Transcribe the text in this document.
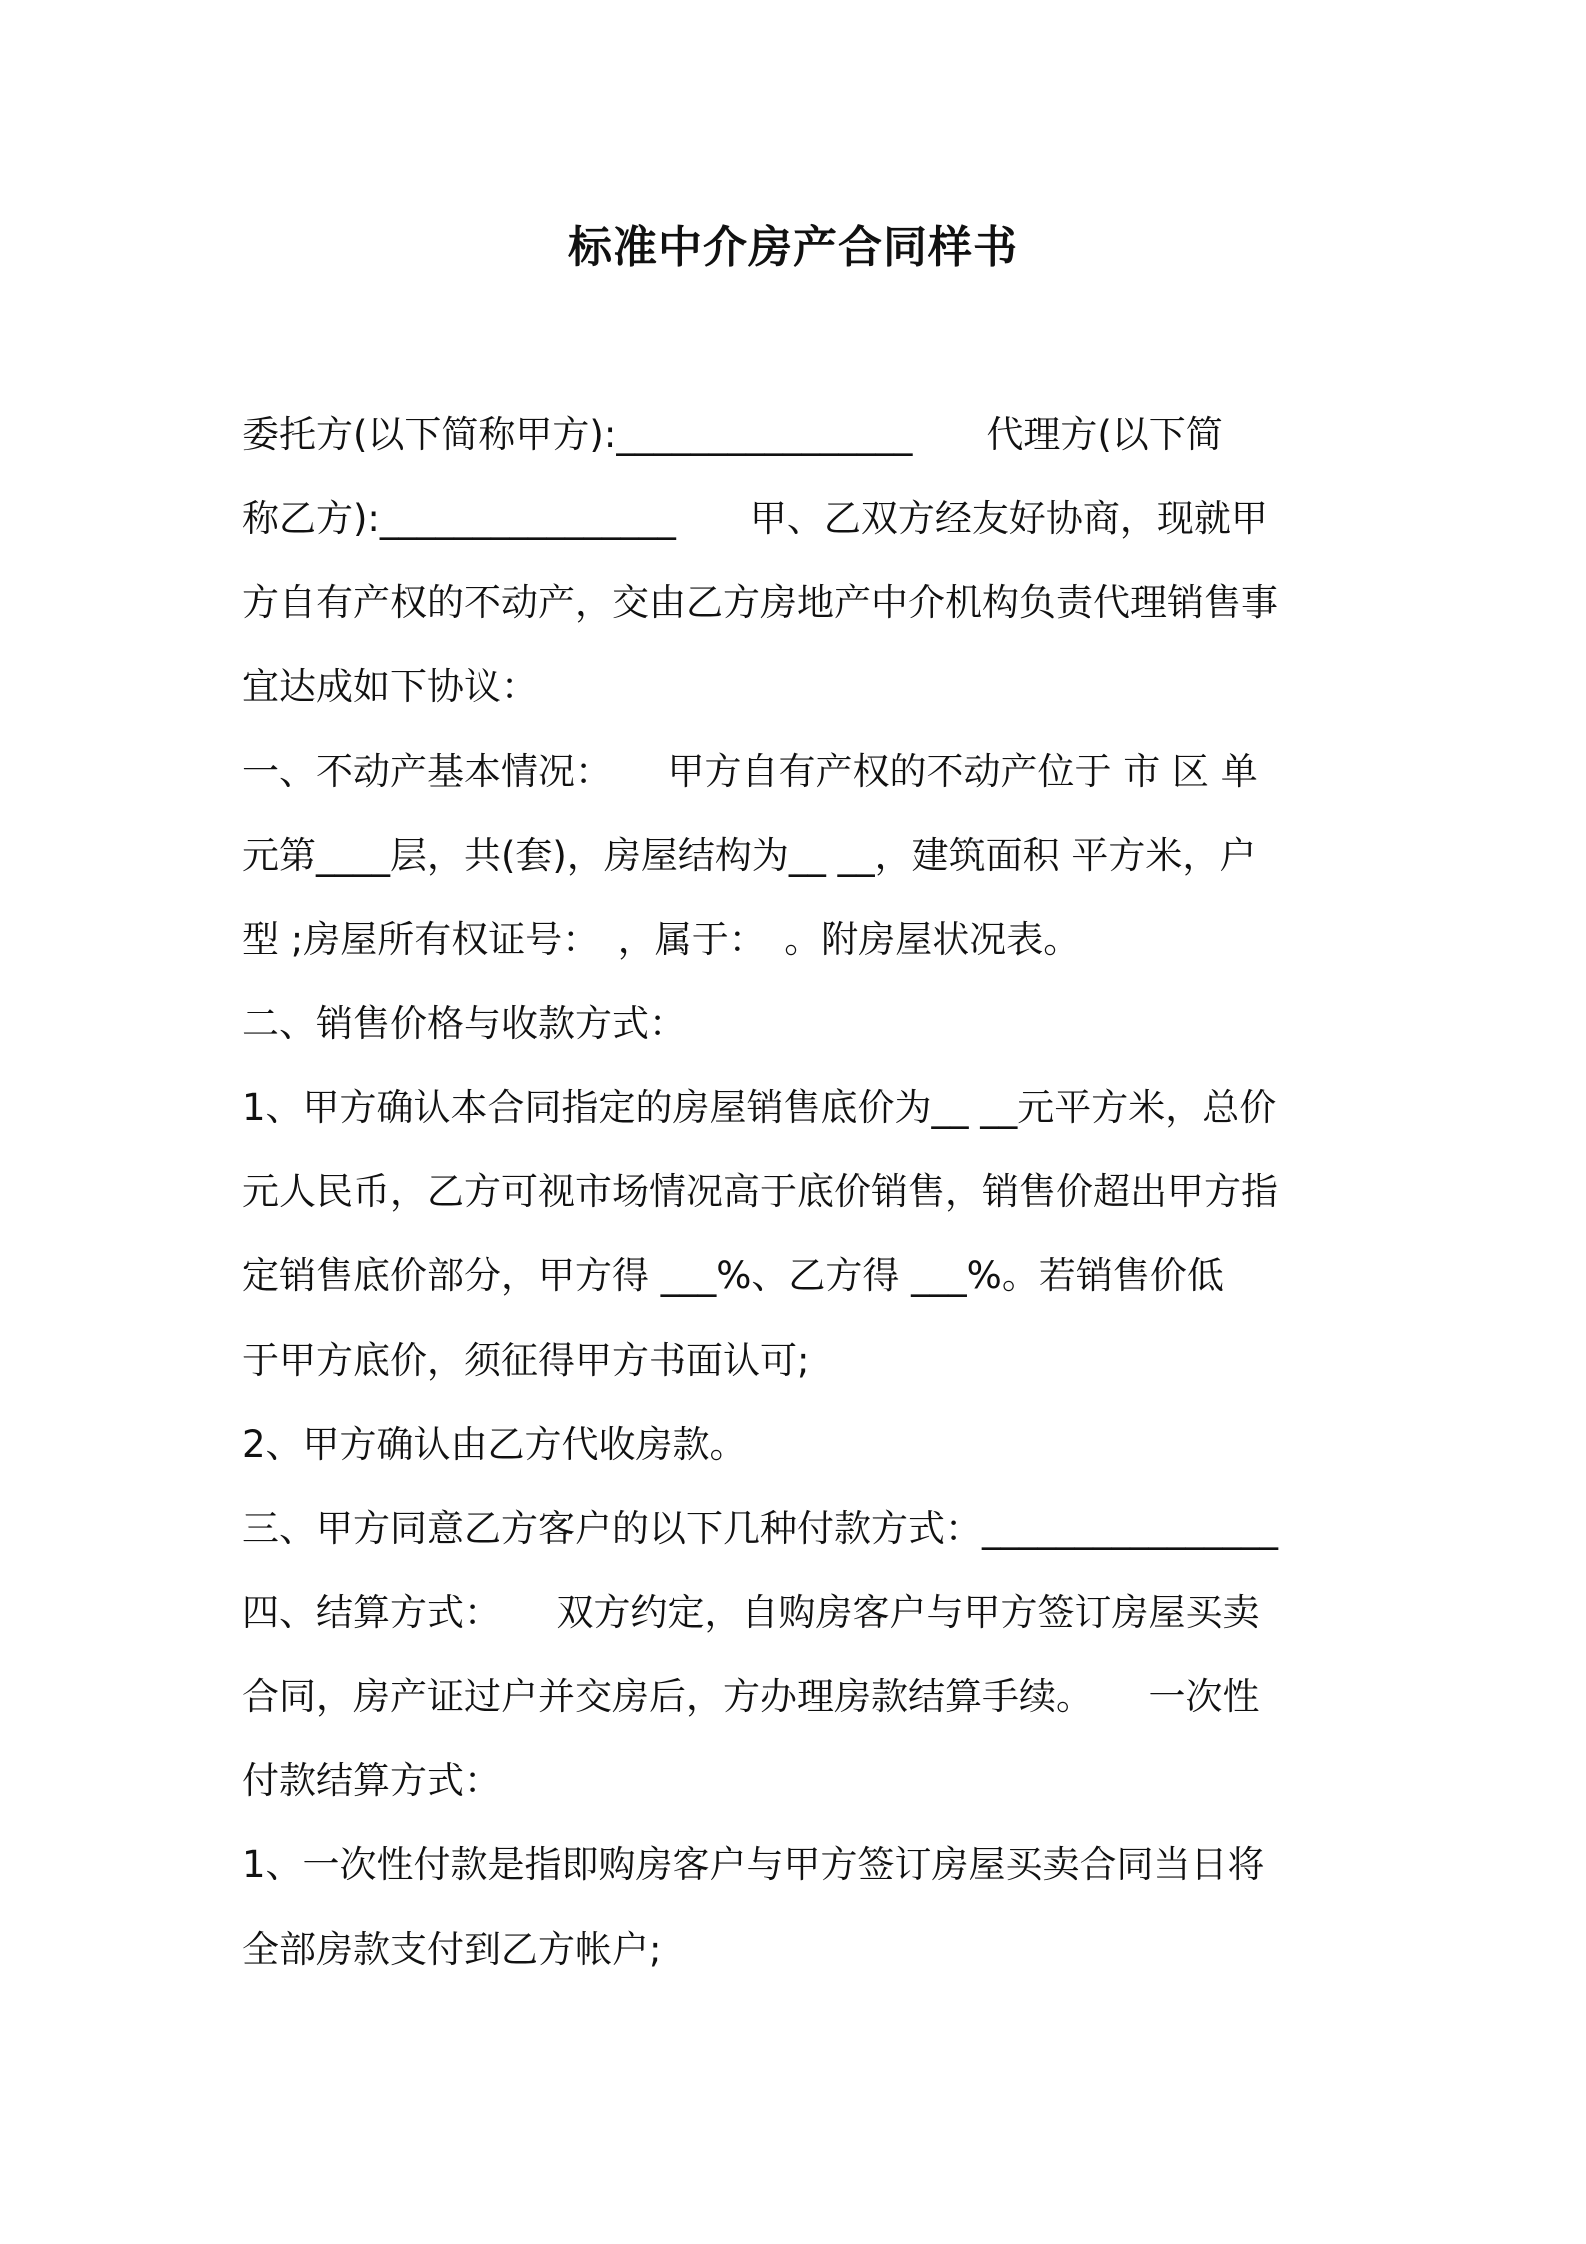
标准中介房产合同样书
委托方(以下简称甲方):________________　　代理方(以下简
称乙方):________________　　甲、乙双方经友好协商，现就甲
方自有产权的不动产，交由乙方房地产中介机构负责代理销售事
宜达成如下协议：
一、不动产基本情况：　　甲方自有产权的不动产位于 市 区 单
元第____层，共(套)，房屋结构为__ __，建筑面积 平方米，户
型 ;房屋所有权证号：　，属于：　。附房屋状况表。
二、销售价格与收款方式：
1、甲方确认本合同指定的房屋销售底价为__ __元平方米，总价
元人民币，乙方可视市场情况高于底价销售，销售价超出甲方指
定销售底价部分，甲方得 ___%、乙方得 ___%。若销售价低
于甲方底价，须征得甲方书面认可;
2、甲方确认由乙方代收房款。
三、甲方同意乙方客户的以下几种付款方式：________________
四、结算方式：　　双方约定，自购房客户与甲方签订房屋买卖
合同，房产证过户并交房后，方办理房款结算手续。　　一次性
付款结算方式：
1、一次性付款是指即购房客户与甲方签订房屋买卖合同当日将
全部房款支付到乙方帐户;
